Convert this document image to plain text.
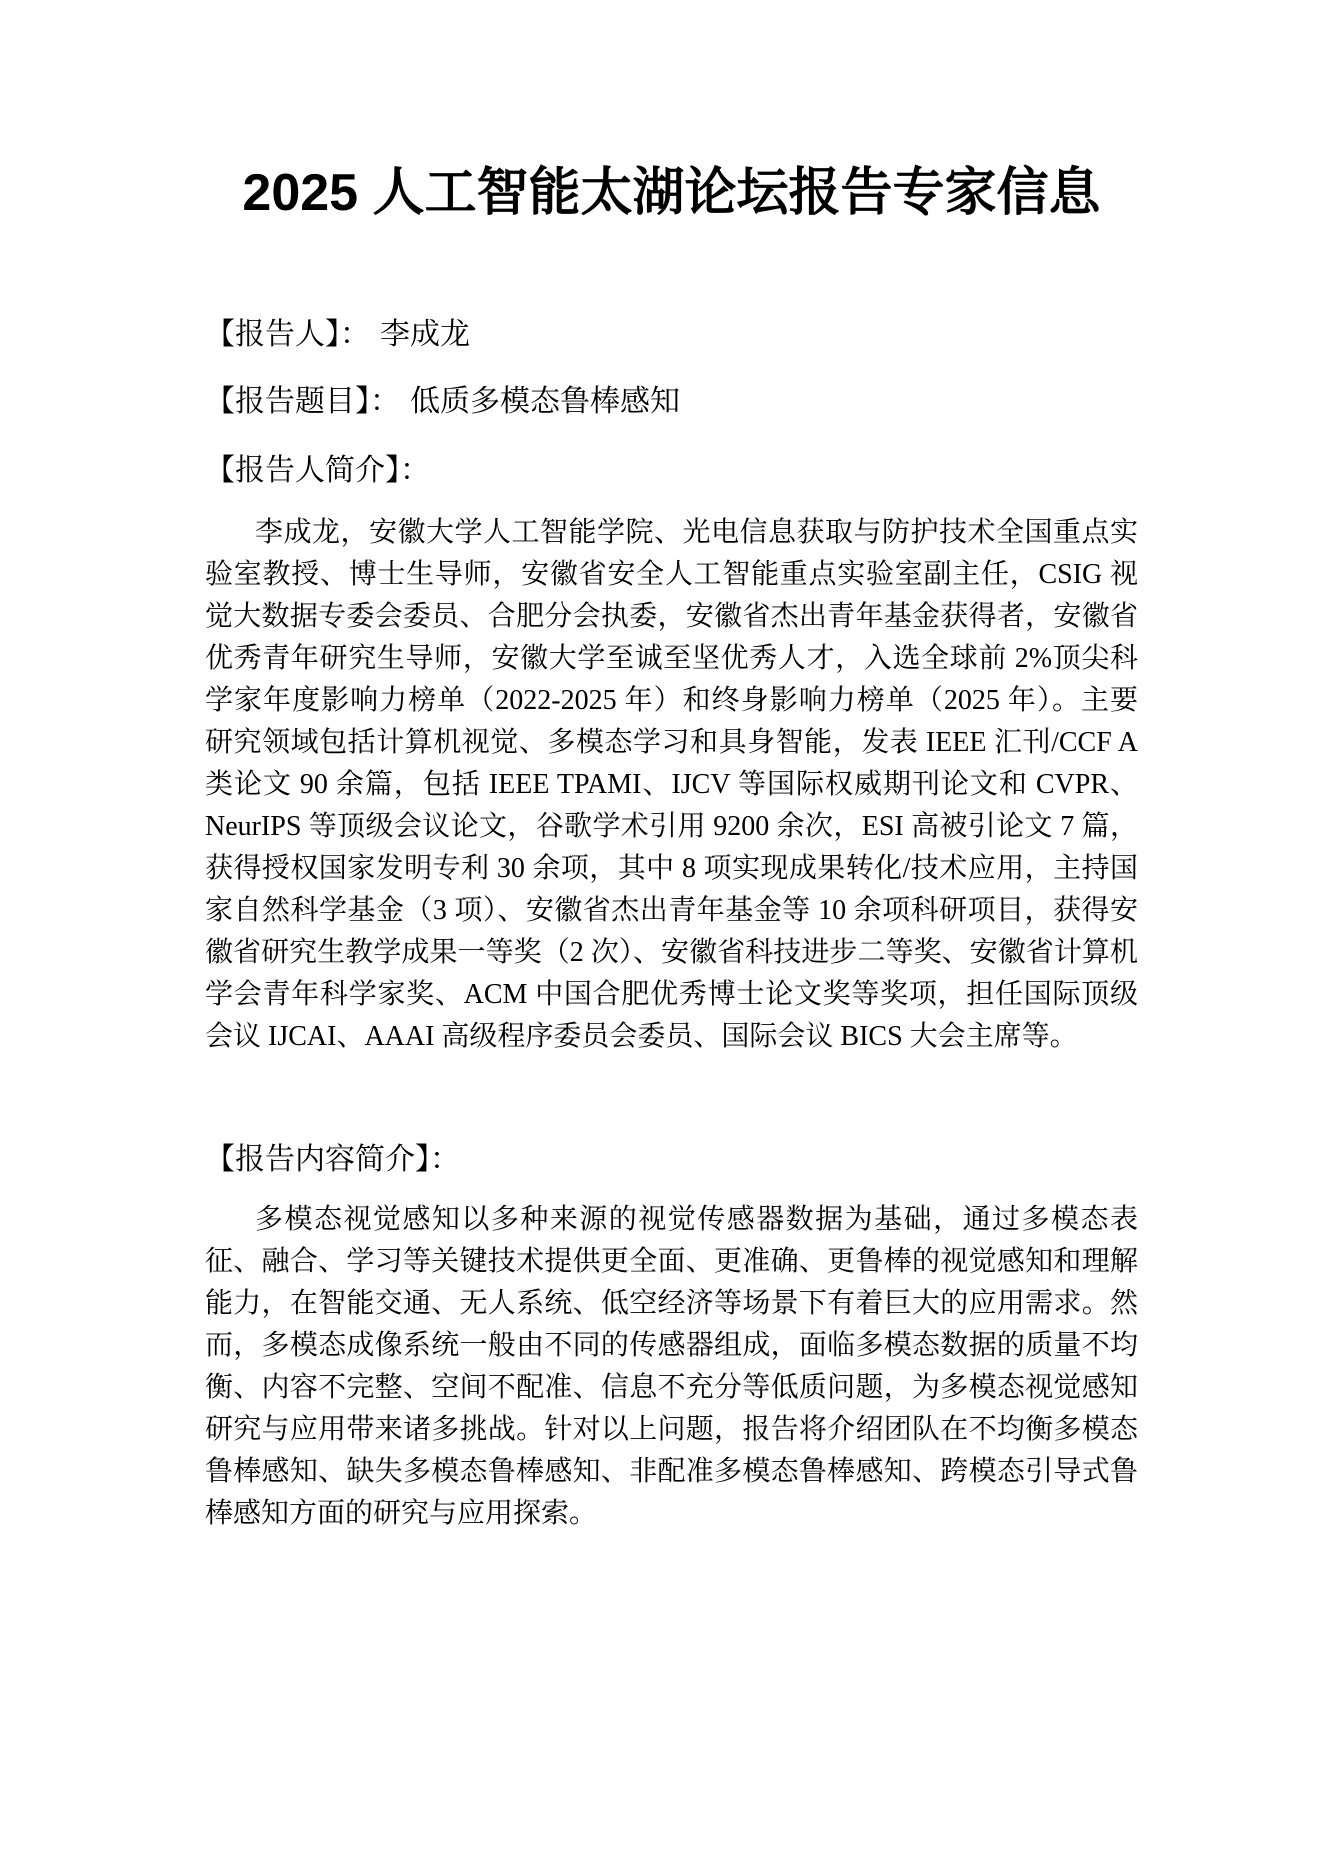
2025 人工智能太湖论坛报告专家信息

【报告人】： 李成龙

【报告题目】： 低质多模态鲁棒感知

【报告人简介】：

李成龙，安徽大学人工智能学院、光电信息获取与防护技术全国重点实验室教授、博士生导师，安徽省安全人工智能重点实验室副主任，CSIG 视觉大数据专委会委员、合肥分会执委，安徽省杰出青年基金获得者，安徽省优秀青年研究生导师，安徽大学至诚至坚优秀人才，入选全球前 2%顶尖科学家年度影响力榜单（2022-2025 年）和终身影响力榜单（2025 年）。主要研究领域包括计算机视觉、多模态学习和具身智能，发表 IEEE 汇刊/CCF A 类论文 90 余篇，包括 IEEE TPAMI、IJCV 等国际权威期刊论文和 CVPR、NeurIPS 等顶级会议论文，谷歌学术引用 9200 余次，ESI 高被引论文 7 篇，获得授权国家发明专利 30 余项，其中 8 项实现成果转化/技术应用，主持国家自然科学基金（3 项）、安徽省杰出青年基金等 10 余项科研项目，获得安徽省研究生教学成果一等奖（2 次）、安徽省科技进步二等奖、安徽省计算机学会青年科学家奖、ACM 中国合肥优秀博士论文奖等奖项，担任国际顶级会议 IJCAI、AAAI 高级程序委员会委员、国际会议 BICS 大会主席等。

【报告内容简介】：

多模态视觉感知以多种来源的视觉传感器数据为基础，通过多模态表征、融合、学习等关键技术提供更全面、更准确、更鲁棒的视觉感知和理解能力，在智能交通、无人系统、低空经济等场景下有着巨大的应用需求。然而，多模态成像系统一般由不同的传感器组成，面临多模态数据的质量不均衡、内容不完整、空间不配准、信息不充分等低质问题，为多模态视觉感知研究与应用带来诸多挑战。针对以上问题，报告将介绍团队在不均衡多模态鲁棒感知、缺失多模态鲁棒感知、非配准多模态鲁棒感知、跨模态引导式鲁棒感知方面的研究与应用探索。
